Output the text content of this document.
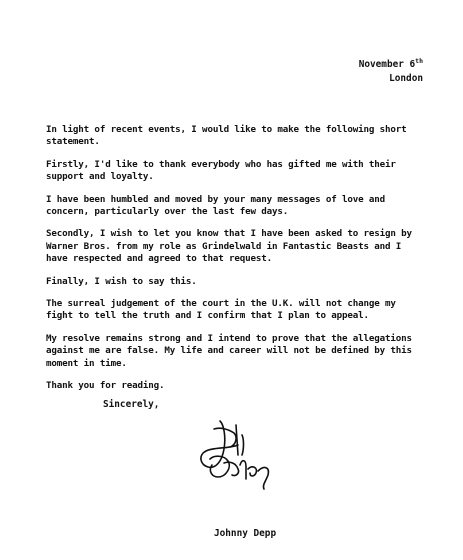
November 6th
London

In light of recent events, I would like to make the following short
statement.

Firstly, I'd like to thank everybody who has gifted me with their
support and loyalty.

I have been humbled and moved by your many messages of love and
concern, particularly over the last few days.

Secondly, I wish to let you know that I have been asked to resign by
Warner Bros. from my role as Grindelwald in Fantastic Beasts and I
have respected and agreed to that request.

Finally, I wish to say this.

The surreal judgement of the court in the U.K. will not change my
fight to tell the truth and I confirm that I plan to appeal.

My resolve remains strong and I intend to prove that the allegations
against me are false. My life and career will not be defined by this
moment in time.

Thank you for reading.

Sincerely,
Johnny Depp
